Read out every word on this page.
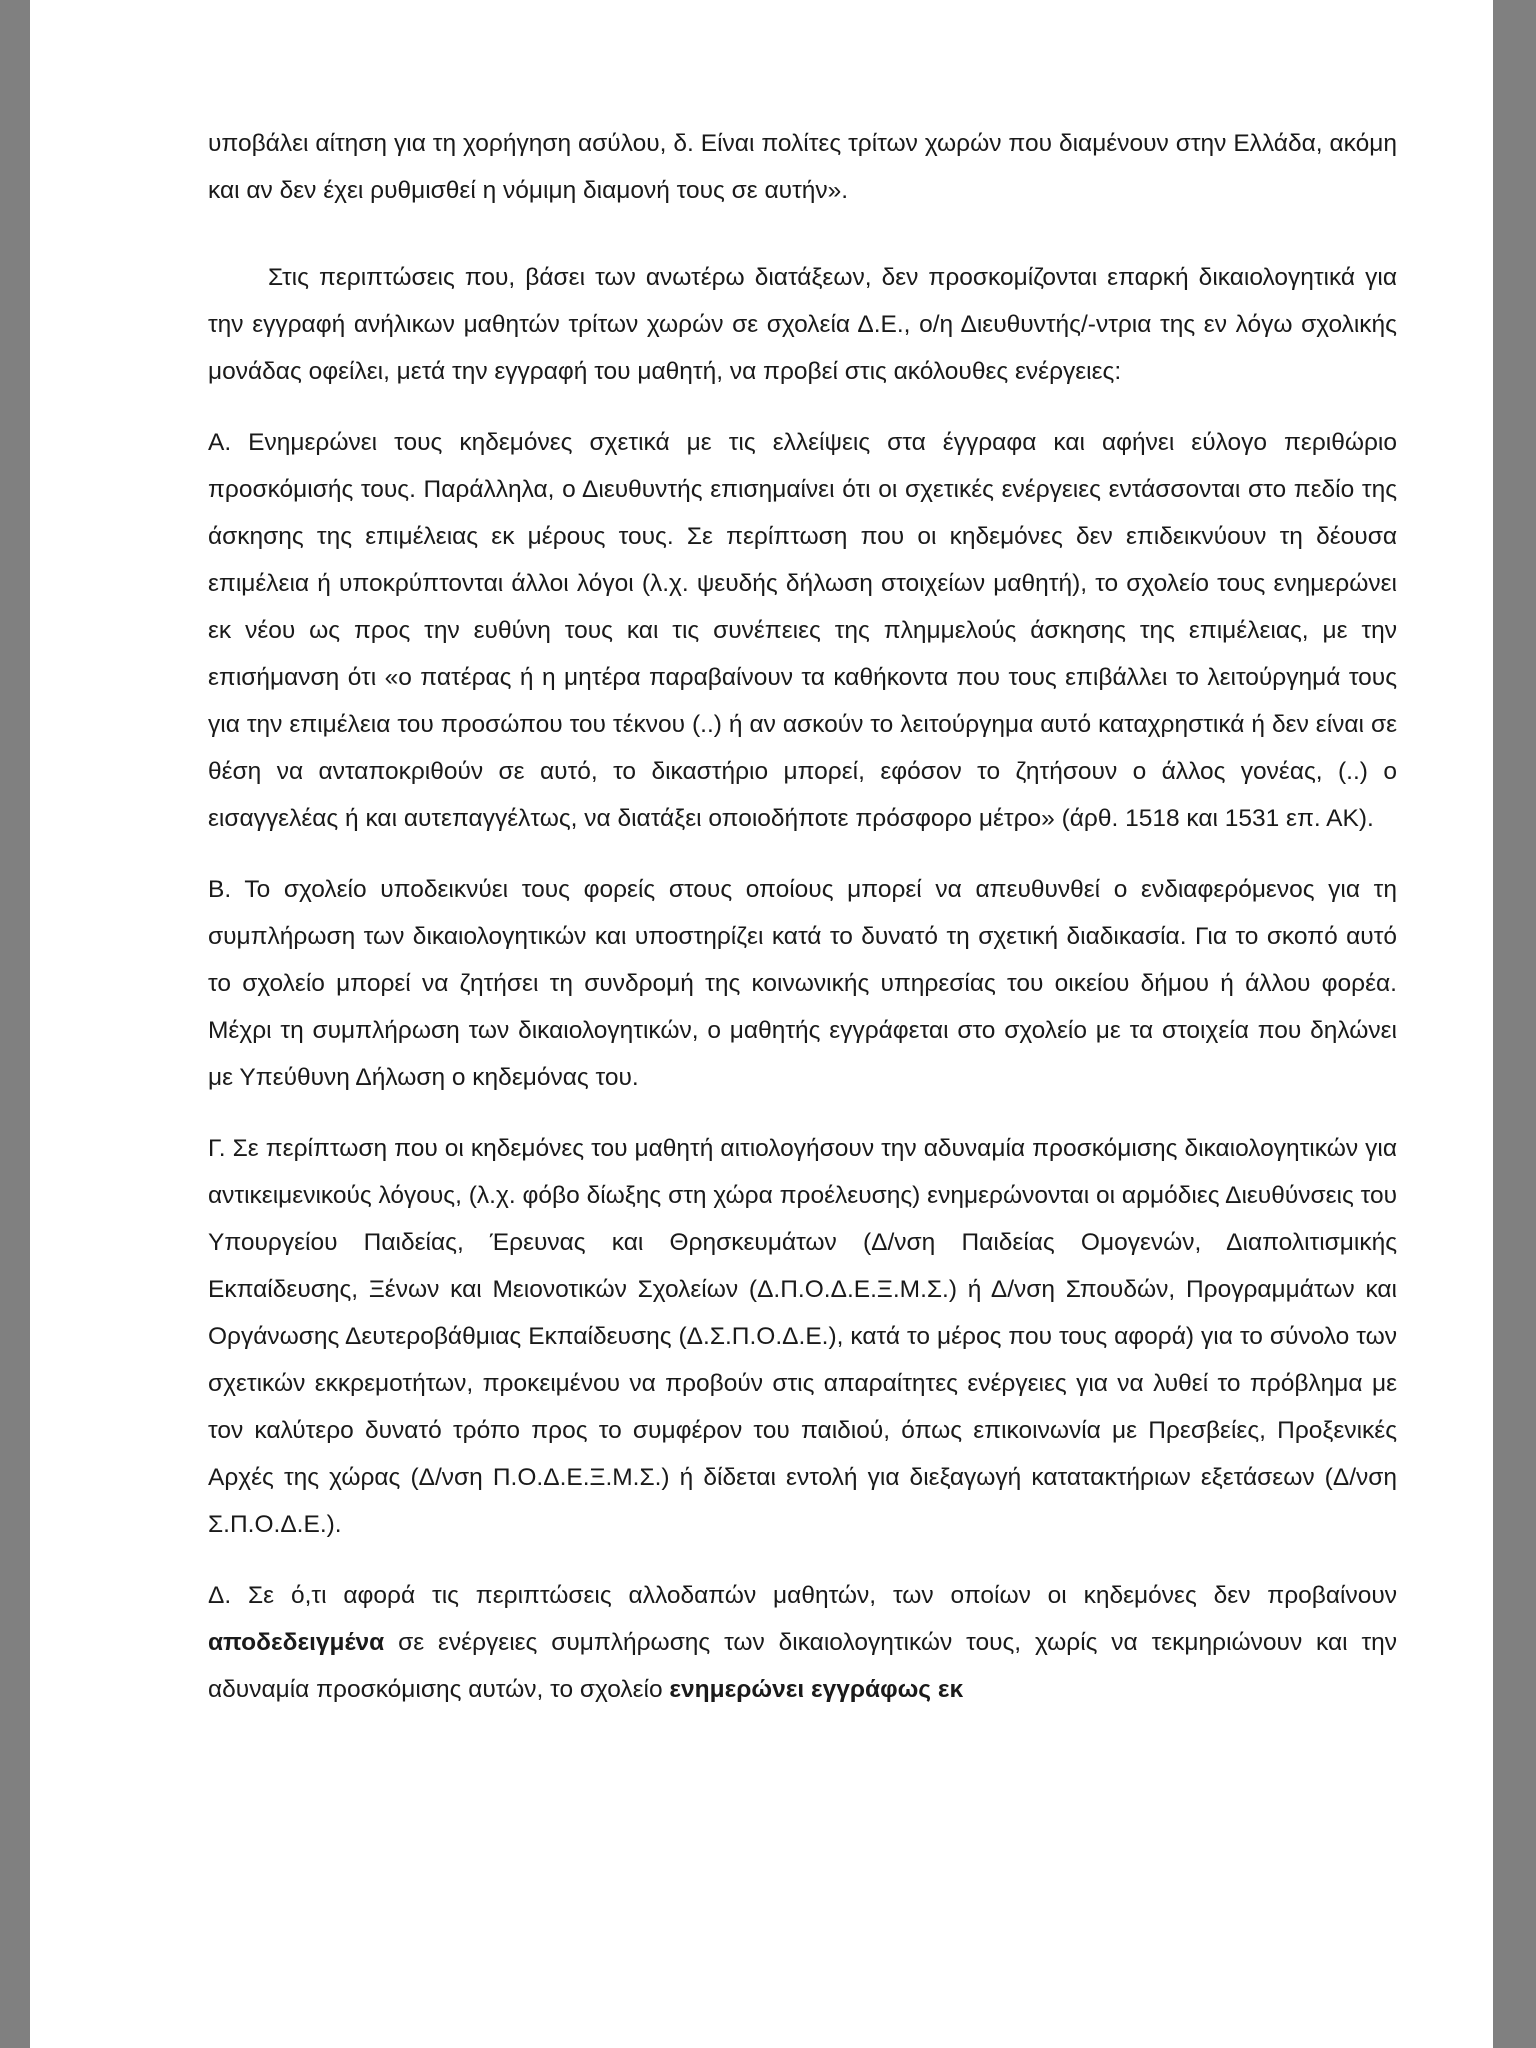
υποβάλει αίτηση για τη χορήγηση ασύλου, δ. Είναι πολίτες τρίτων χωρών που διαμένουν στην Ελλάδα, ακόμη και αν δεν έχει ρυθμισθεί η νόμιμη διαμονή τους σε αυτήν».

Στις περιπτώσεις που, βάσει των ανωτέρω διατάξεων, δεν προσκομίζονται επαρκή δικαιολογητικά για την εγγραφή ανήλικων μαθητών τρίτων χωρών σε σχολεία Δ.Ε., ο/η Διευθυντής/-ντρια της εν λόγω σχολικής μονάδας οφείλει, μετά την εγγραφή του μαθητή, να προβεί στις ακόλουθες ενέργειες:

Α. Ενημερώνει τους κηδεμόνες σχετικά με τις ελλείψεις στα έγγραφα και αφήνει εύλογο περιθώριο προσκόμισής τους. Παράλληλα, ο Διευθυντής επισημαίνει ότι οι σχετικές ενέργειες εντάσσονται στο πεδίο της άσκησης της επιμέλειας εκ μέρους τους. Σε περίπτωση που οι κηδεμόνες δεν επιδεικνύουν τη δέουσα επιμέλεια ή υποκρύπτονται άλλοι λόγοι (λ.χ. ψευδής δήλωση στοιχείων μαθητή), το σχολείο τους ενημερώνει εκ νέου ως προς την ευθύνη τους και τις συνέπειες της πλημμελούς άσκησης της επιμέλειας, με την επισήμανση ότι «ο πατέρας ή η μητέρα παραβαίνουν τα καθήκοντα που τους επιβάλλει το λειτούργημά τους για την επιμέλεια του προσώπου του τέκνου (..) ή αν ασκούν το λειτούργημα αυτό καταχρηστικά ή δεν είναι σε θέση να ανταποκριθούν σε αυτό, το δικαστήριο μπορεί, εφόσον το ζητήσουν ο άλλος γονέας, (..) ο εισαγγελέας ή και αυτεπαγγέλτως, να διατάξει οποιοδήποτε πρόσφορο μέτρο» (άρθ. 1518 και 1531 επ. ΑΚ).

Β. Το σχολείο υποδεικνύει τους φορείς στους οποίους μπορεί να απευθυνθεί ο ενδιαφερόμενος για τη συμπλήρωση των δικαιολογητικών και υποστηρίζει κατά το δυνατό τη σχετική διαδικασία. Για το σκοπό αυτό το σχολείο μπορεί να ζητήσει τη συνδρομή της κοινωνικής υπηρεσίας του οικείου δήμου ή άλλου φορέα. Μέχρι τη συμπλήρωση των δικαιολογητικών, ο μαθητής εγγράφεται στο σχολείο με τα στοιχεία που δηλώνει με Υπεύθυνη Δήλωση ο κηδεμόνας του.

Γ. Σε περίπτωση που οι κηδεμόνες του μαθητή αιτιολογήσουν την αδυναμία προσκόμισης δικαιολογητικών για αντικειμενικούς λόγους, (λ.χ. φόβο δίωξης στη χώρα προέλευσης) ενημερώνονται οι αρμόδιες Διευθύνσεις του Υπουργείου Παιδείας, Έρευνας και Θρησκευμάτων (Δ/νση Παιδείας Ομογενών, Διαπολιτισμικής Εκπαίδευσης, Ξένων και Μειονοτικών Σχολείων (Δ.Π.Ο.Δ.Ε.Ξ.Μ.Σ.) ή Δ/νση Σπουδών, Προγραμμάτων και Οργάνωσης Δευτεροβάθμιας Εκπαίδευσης (Δ.Σ.Π.Ο.Δ.Ε.), κατά το μέρος που τους αφορά) για το σύνολο των σχετικών εκκρεμοτήτων, προκειμένου να προβούν στις απαραίτητες ενέργειες για να λυθεί το πρόβλημα με τον καλύτερο δυνατό τρόπο προς το συμφέρον του παιδιού, όπως επικοινωνία με Πρεσβείες, Προξενικές Αρχές της χώρας (Δ/νση Π.Ο.Δ.Ε.Ξ.Μ.Σ.) ή δίδεται εντολή για διεξαγωγή κατατακτήριων εξετάσεων (Δ/νση Σ.Π.Ο.Δ.Ε.).

Δ. Σε ό,τι αφορά τις περιπτώσεις αλλοδαπών μαθητών, των οποίων οι κηδεμόνες δεν προβαίνουν αποδεδειγμένα σε ενέργειες συμπλήρωσης των δικαιολογητικών τους, χωρίς να τεκμηριώνουν και την αδυναμία προσκόμισης αυτών, το σχολείο ενημερώνει εγγράφως εκ
